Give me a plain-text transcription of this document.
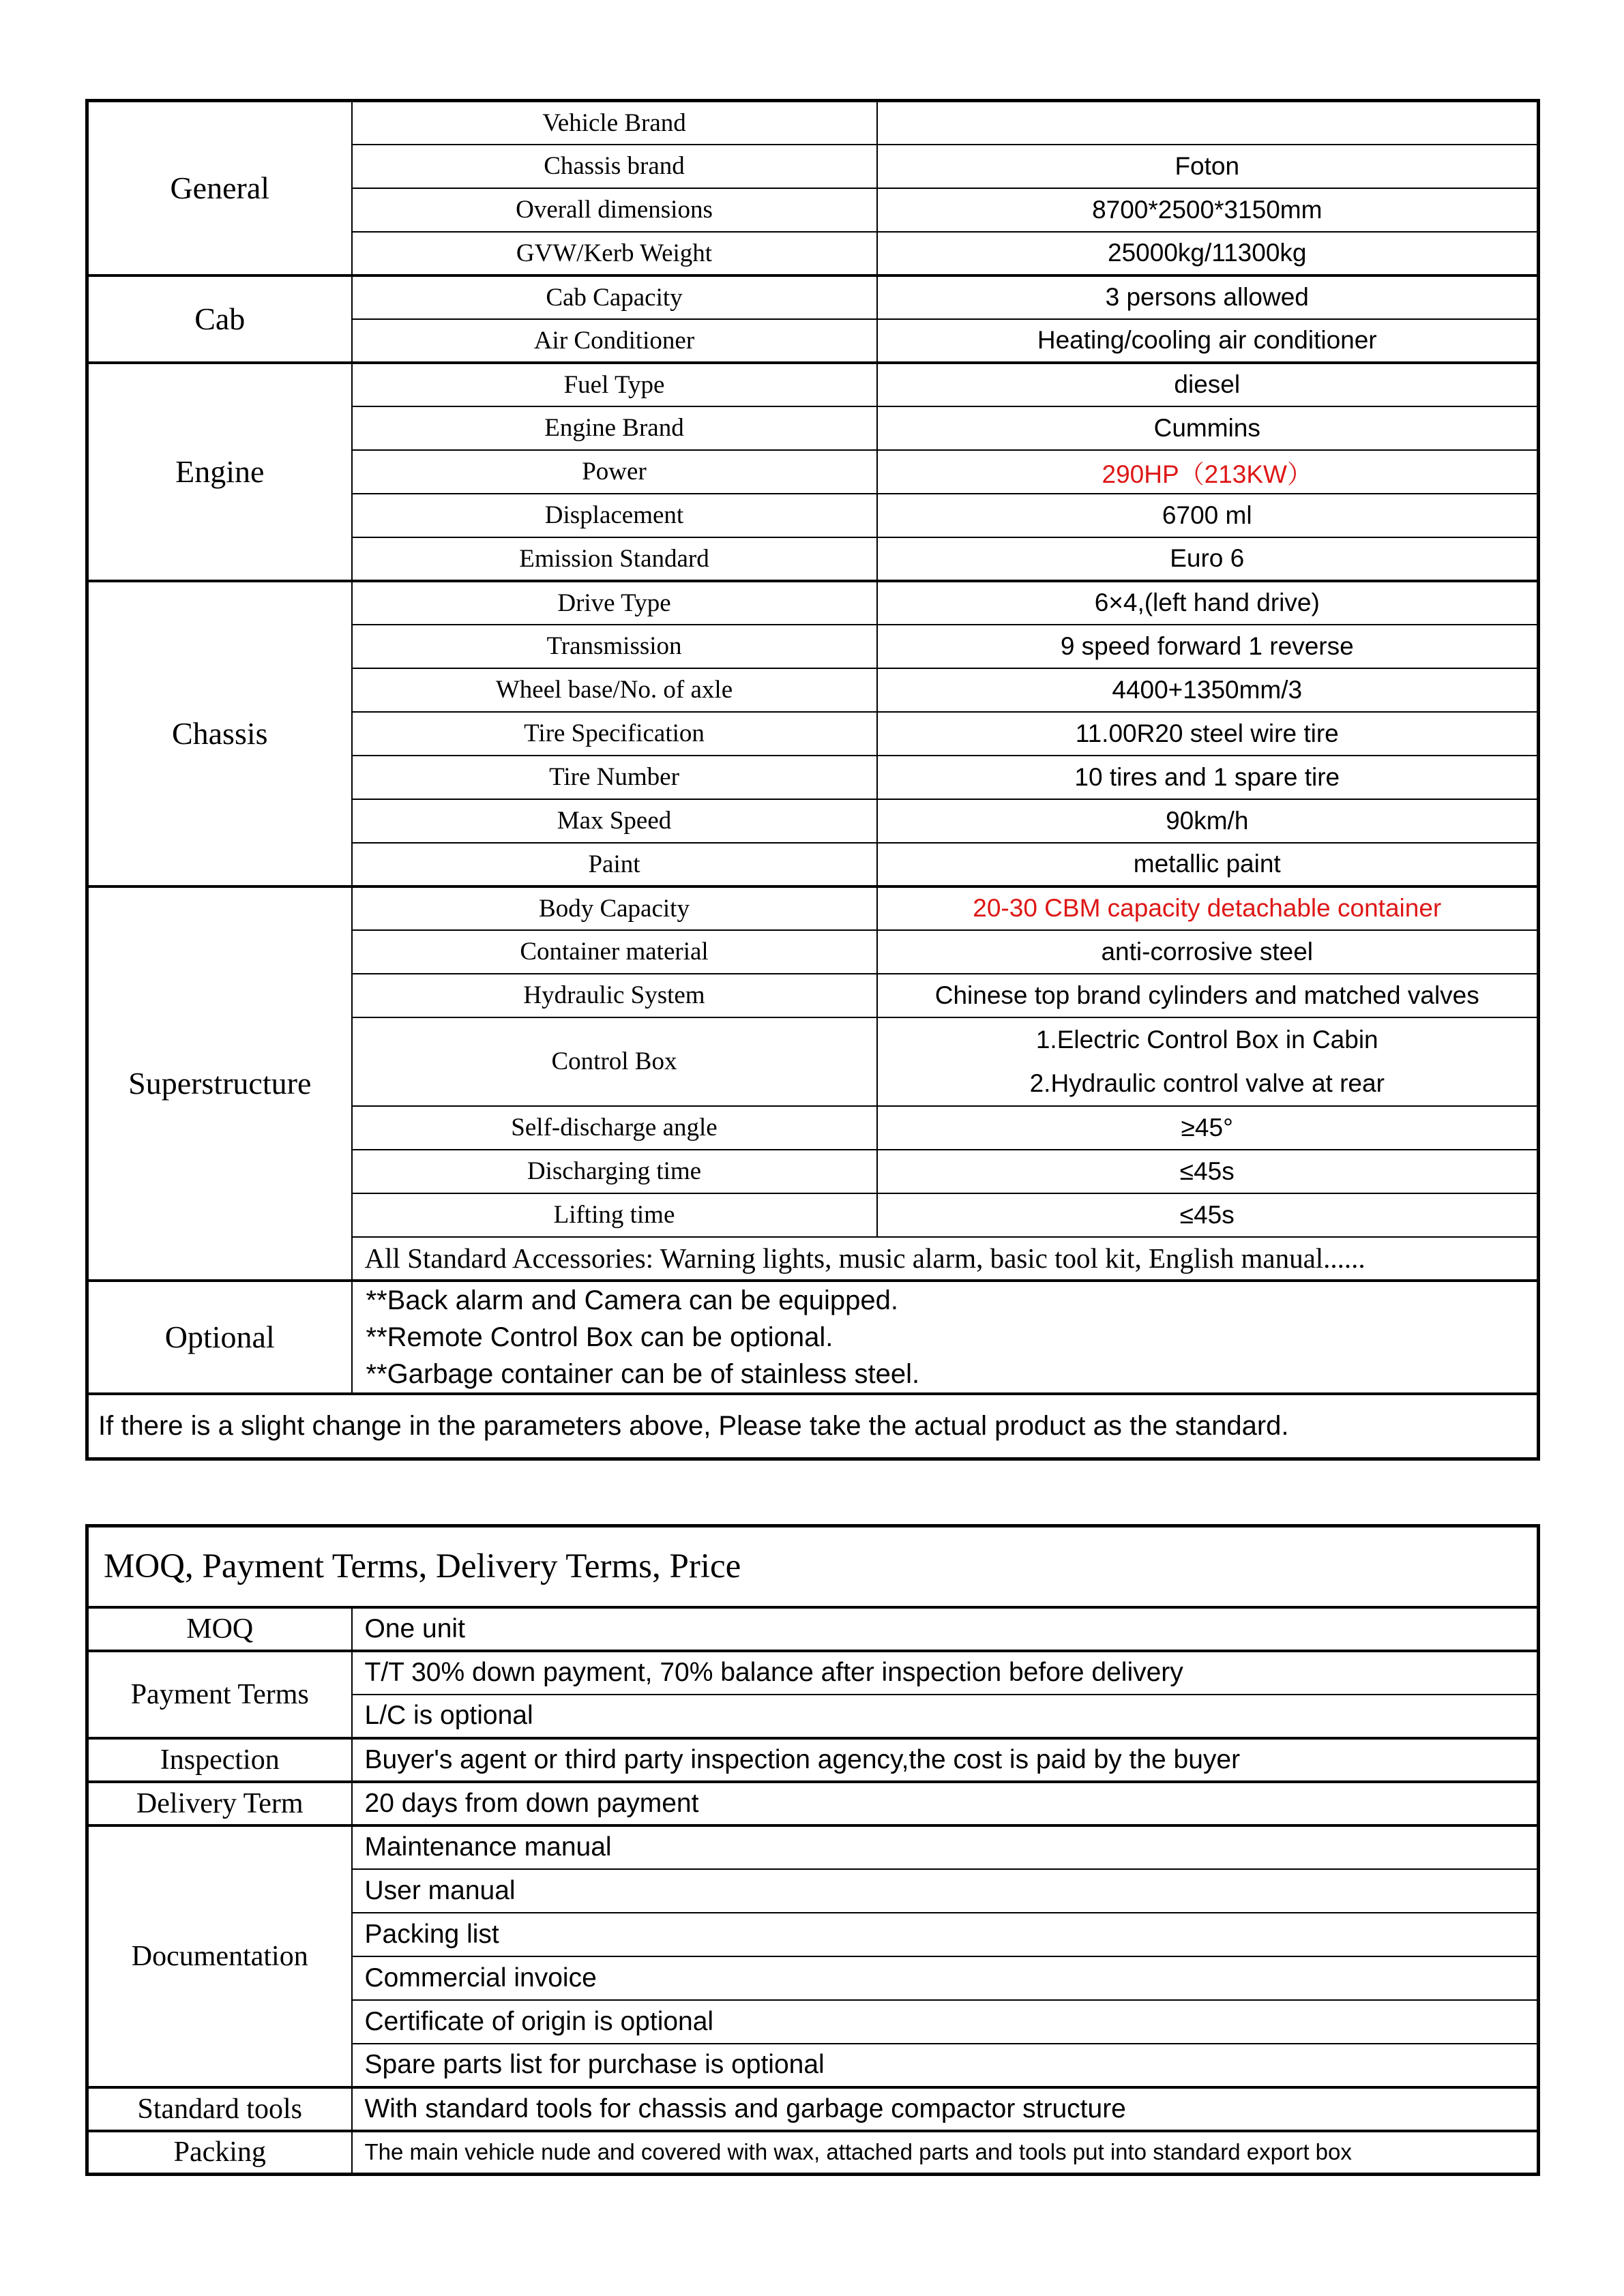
General	Vehicle Brand	
	Chassis brand	Foton
	Overall dimensions	8700*2500*3150mm
	GVW/Kerb Weight	25000kg/11300kg
Cab	Cab Capacity	3 persons allowed
	Air Conditioner	Heating/cooling air conditioner
Engine	Fuel Type	diesel
	Engine Brand	Cummins
	Power	290HP（213KW）
	Displacement	6700 ml
	Emission Standard	Euro 6
Chassis	Drive Type	6×4,(left hand drive)
	Transmission	9 speed forward 1 reverse
	Wheel base/No. of axle	4400+1350mm/3
	Tire Specification	11.00R20 steel wire tire
	Tire Number	10 tires and 1 spare tire
	Max Speed	90km/h
	Paint	metallic paint
Superstructure	Body Capacity	20-30 CBM capacity detachable container
	Container material	anti-corrosive steel
	Hydraulic System	Chinese top brand cylinders and matched valves
	Control Box	1.Electric Control Box in Cabin
2.Hydraulic control valve at rear

	Self-discharge angle	≥45°
	Discharging time	≤45s
	Lifting time	≤45s
	All Standard Accessories: Warning lights, music alarm, basic tool kit, English manual......	
Optional	**Back alarm and Camera can be equipped.
**Remote Control Box can be optional.
**Garbage container can be of stainless steel.	

If there is a slight change in the parameters above, Please take the actual product as the standard.		
MOQ, Payment Terms, Delivery Terms, Price	
MOQ	One unit
Payment Terms	T/T 30% down payment, 70% balance after inspection before delivery
	L/C is optional
Inspection	Buyer's agent or third party inspection agency,the cost is paid by the buyer
Delivery Term	20 days from down payment
Documentation	Maintenance manual
	User manual
	Packing list
	Commercial invoice
	Certificate of origin is optional
	Spare parts list for purchase is optional
Standard tools	With standard tools for chassis and garbage compactor structure
Packing	The main vehicle nude and covered with wax, attached parts and tools put into standard export box
